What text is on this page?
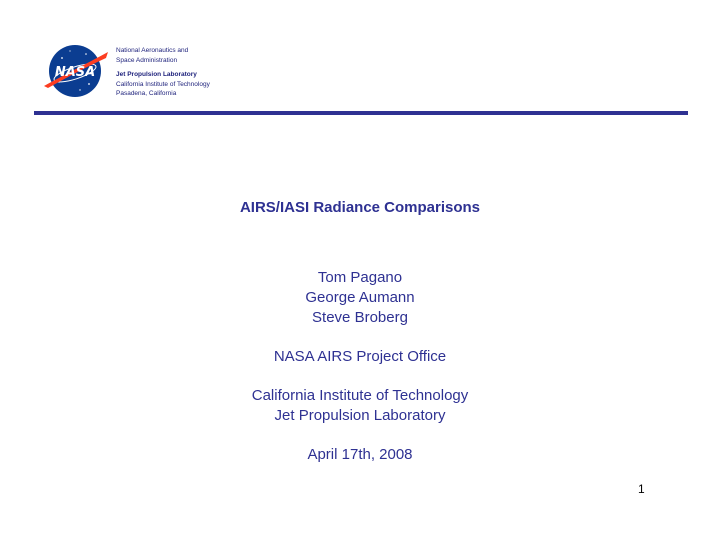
NASA
National Aeronautics and
Space Administration
Jet Propulsion Laboratory
California Institute of Technology
Pasadena, California
AIRS/IASI Radiance Comparisons
Tom Pagano
George Aumann
Steve Broberg
NASA AIRS Project Office
California Institute of Technology
Jet Propulsion Laboratory
April 17th, 2008
1
